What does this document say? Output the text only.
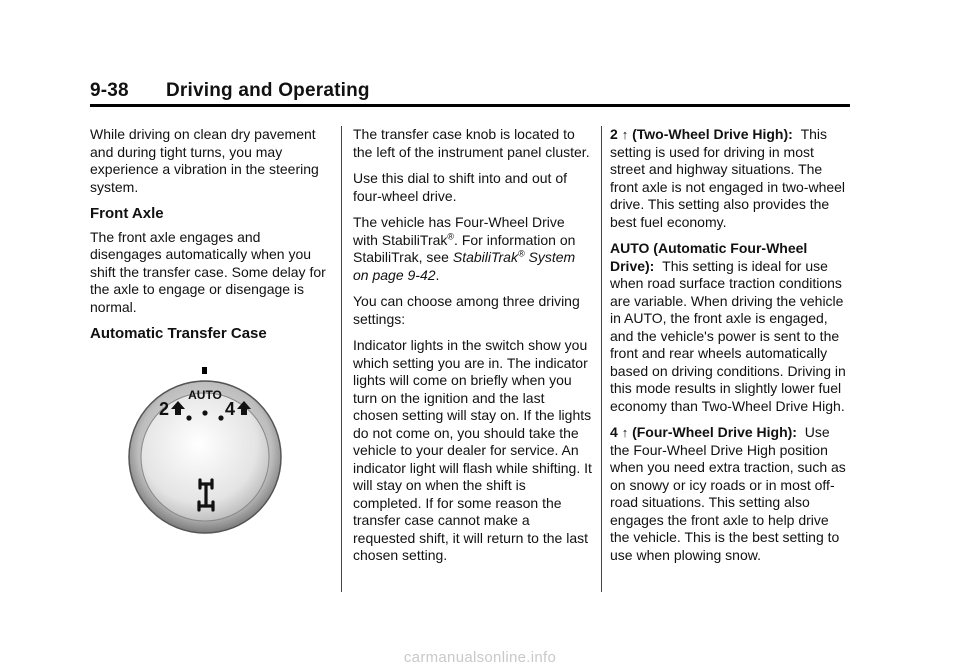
9-38 Driving and Operating

While driving on clean dry pavement and during tight turns, you may experience a vibration in the steering system.

Front Axle

The front axle engages and disengages automatically when you shift the transfer case. Some delay for the axle to engage or disengage is normal.

Automatic Transfer Case
AUTO
2	4

The transfer case knob is located to the left of the instrument panel cluster.

Use this dial to shift into and out of four-wheel drive.

The vehicle has Four-Wheel Drive with StabiliTrak®. For information on StabiliTrak, see StabiliTrak® System on page 9-42.

You can choose among three driving settings:

Indicator lights in the switch show you which setting you are in. The indicator lights will come on briefly when you turn on the ignition and the last chosen setting will stay on. If the lights do not come on, you should take the vehicle to your dealer for service. An indicator light will flash while shifting. It will stay on when the shift is completed. If for some reason the transfer case cannot make a requested shift, it will return to the last chosen setting.

2 ↑ (Two-Wheel Drive High): This setting is used for driving in most street and highway situations. The front axle is not engaged in two-wheel drive. This setting also provides the best fuel economy.

AUTO (Automatic Four-Wheel Drive): This setting is ideal for use when road surface traction conditions are variable. When driving the vehicle in AUTO, the front axle is engaged, and the vehicle's power is sent to the front and rear wheels automatically based on driving conditions. Driving in this mode results in slightly lower fuel economy than Two-Wheel Drive High.

4 ↑ (Four-Wheel Drive High): Use the Four-Wheel Drive High position when you need extra traction, such as on snowy or icy roads or in most off-road situations. This setting also engages the front axle to help drive the vehicle. This is the best setting to use when plowing snow.

carmanualsonline.info
